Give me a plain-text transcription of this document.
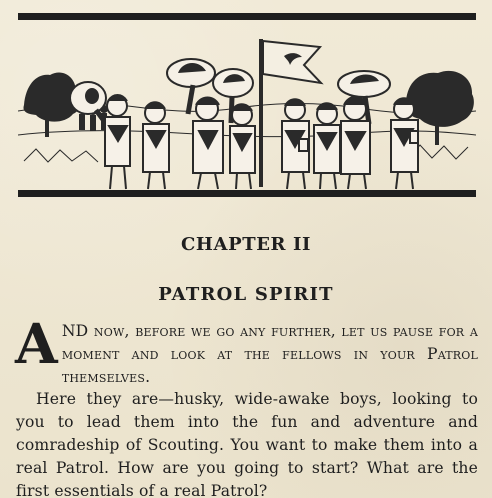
CHAPTER II
PATROL SPIRIT

A ND now, before we go any further, let us pause for a moment and look at the fellows in your Patrol themselves.

Here they are—husky, wide-awake boys, looking to you to lead them into the fun and adventure and comradeship of Scouting. You want to make them into a real Patrol. How are you going to start? What are the first essentials of a real Patrol?
